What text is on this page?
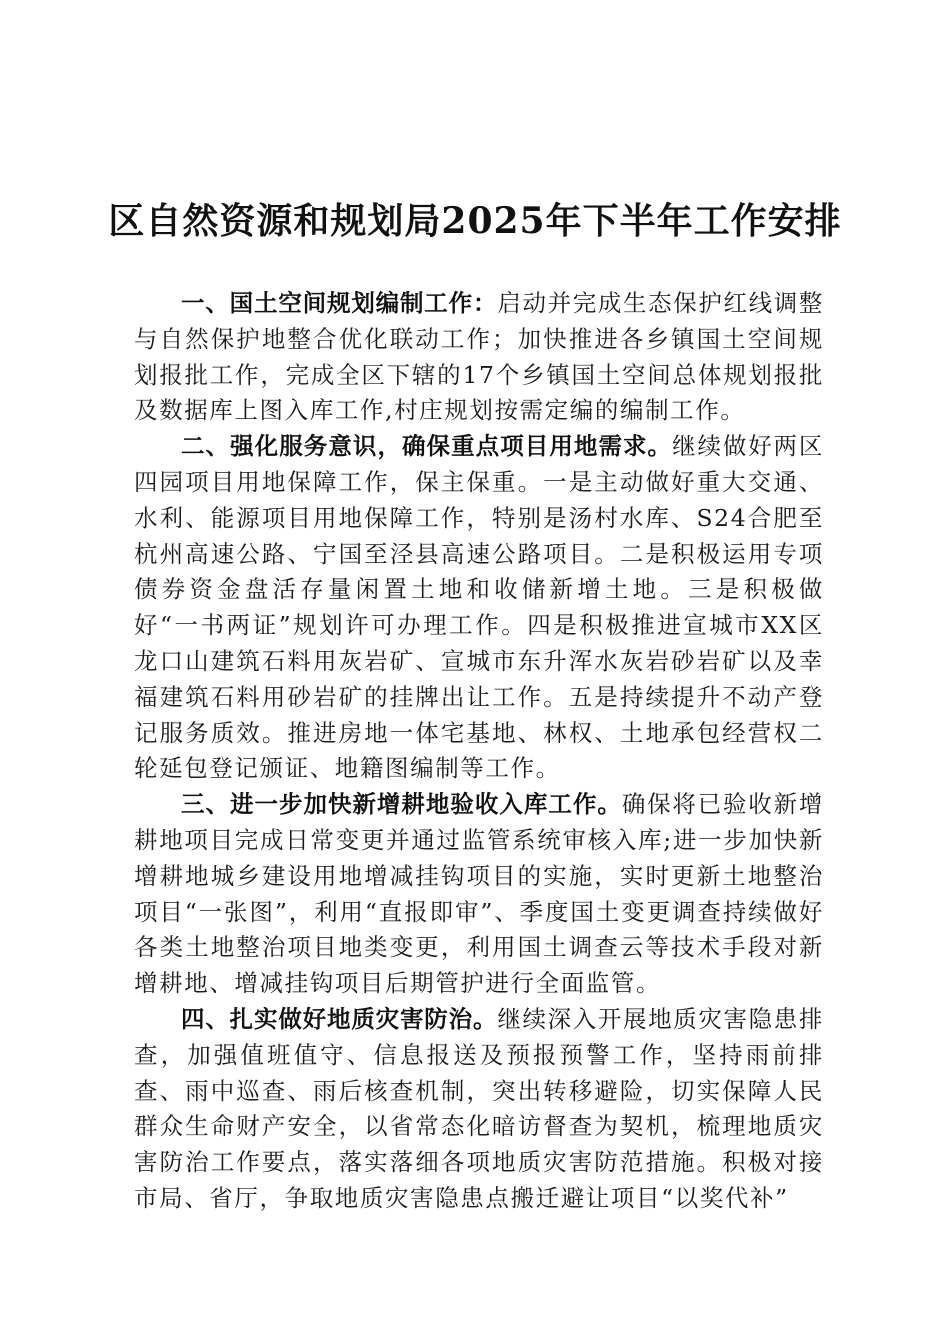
区自然资源和规划局2025年下半年工作安排

一、国土空间规划编制工作：启动并完成生态保护红线调整与自然保护地整合优化联动工作；加快推进各乡镇国土空间规划报批工作，完成全区下辖的17个乡镇国土空间总体规划报批及数据库上图入库工作,村庄规划按需定编的编制工作。

二、强化服务意识，确保重点项目用地需求。继续做好两区四园项目用地保障工作，保主保重。一是主动做好重大交通、水利、能源项目用地保障工作，特别是汤村水库、S24合肥至杭州高速公路、宁国至泾县高速公路项目。二是积极运用专项债券资金盘活存量闲置土地和收储新增土地。三是积极做好“一书两证”规划许可办理工作。四是积极推进宣城市XX区龙口山建筑石料用灰岩矿、宣城市东升浑水灰岩砂岩矿以及幸福建筑石料用砂岩矿的挂牌出让工作。五是持续提升不动产登记服务质效。推进房地一体宅基地、林权、土地承包经营权二轮延包登记颁证、地籍图编制等工作。

三、进一步加快新增耕地验收入库工作。确保将已验收新增耕地项目完成日常变更并通过监管系统审核入库;进一步加快新增耕地城乡建设用地增减挂钩项目的实施，实时更新土地整治项目“一张图”，利用“直报即审”、季度国土变更调查持续做好各类土地整治项目地类变更，利用国土调查云等技术手段对新增耕地、增减挂钩项目后期管护进行全面监管。

四、扎实做好地质灾害防治。继续深入开展地质灾害隐患排查，加强值班值守、信息报送及预报预警工作，坚持雨前排查、雨中巡查、雨后核查机制，突出转移避险，切实保障人民群众生命财产安全，以省常态化暗访督查为契机，梳理地质灾害防治工作要点，落实落细各项地质灾害防范措施。积极对接市局、省厅，争取地质灾害隐患点搬迁避让项目“以奖代补”
